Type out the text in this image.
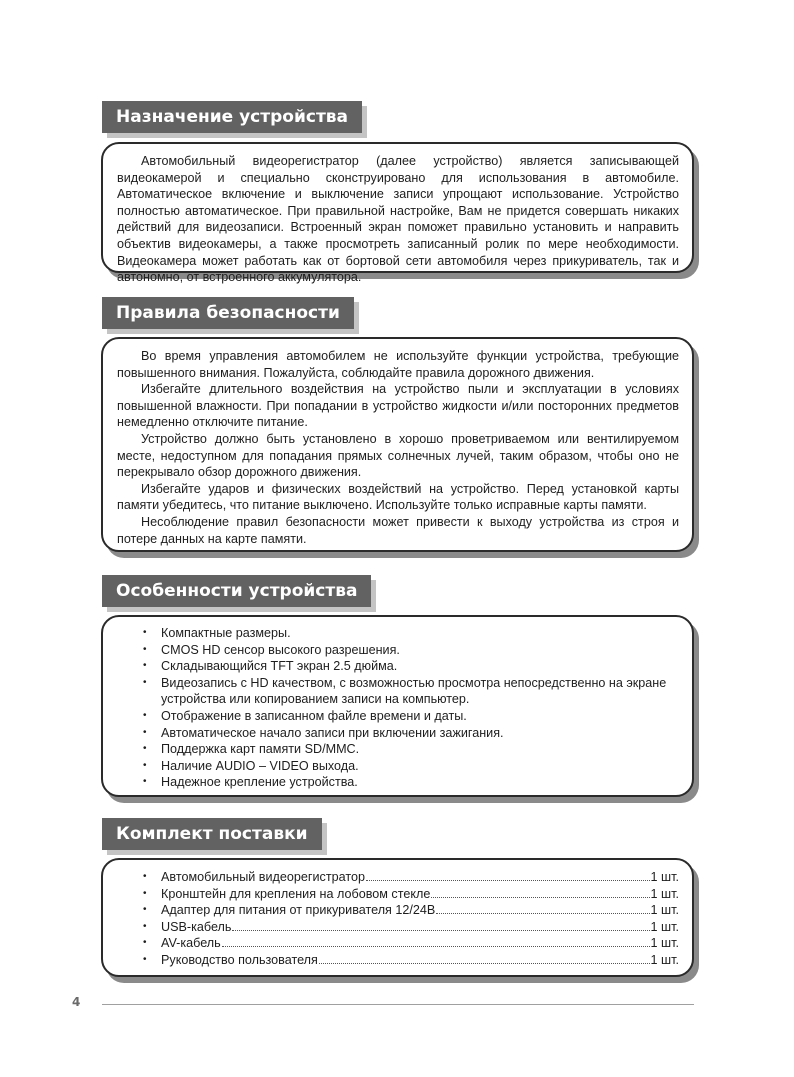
Назначение устройства

Автомобильный видеорегистратор (далее устройство) является записывающей видеокамерой и специально сконструировано для использования в автомобиле. Автоматическое включение и выключение записи упрощают использование. Устройство полностью автоматическое. При правильной настройке, Вам не придется совершать никаких действий для видеозаписи. Встроенный экран поможет правильно установить и направить объектив видеокамеры, а также просмотреть записанный ролик по мере необходимости. Видеокамера может работать как от бортовой сети автомобиля через прикуриватель, так и автономно, от встроенного аккумулятора.

Правила безопасности

Во время управления автомобилем не используйте функции устройства, требующие повышенного внимания. Пожалуйста, соблюдайте правила дорожного движения.

Избегайте длительного воздействия на устройство пыли и эксплуатации в условиях повышенной влажности. При попадании в устройство жидкости и/или посторонних предметов немедленно отключите питание.

Устройство должно быть установлено в хорошо проветриваемом или вентилируемом месте, недоступном для попадания прямых солнечных лучей, таким образом, чтобы оно не перекрывало обзор дорожного движения.

Избегайте ударов и физических воздействий на устройство. Перед установкой карты памяти убедитесь, что питание выключено. Используйте только исправные карты памяти.

Несоблюдение правил безопасности может привести к выходу устройства из строя и потере данных на карте памяти.

Особенности устройства
• Компактные размеры.
• CMOS HD сенсор высокого разрешения.
• Складывающийся TFT экран 2.5 дюйма.
• Видеозапись с HD качеством, с возможностью просмотра непосредственно на экране устройства или копированием записи на компьютер.
• Отображение в записанном файле времени и даты.
• Автоматическое начало записи при включении зажигания.
• Поддержка карт памяти SD/MMC.
• Наличие AUDIO – VIDEO выхода.
• Надежное крепление устройства.
Комплект поставки
• Автомобильный видеорегистратор	1 шт.
• Кронштейн для крепления на лобовом стекле	1 шт.
• Адаптер для питания от прикуривателя 12/24В	1 шт.
• USB-кабель	1 шт.
• AV-кабель	1 шт.
• Руководство пользователя	1 шт.
4
